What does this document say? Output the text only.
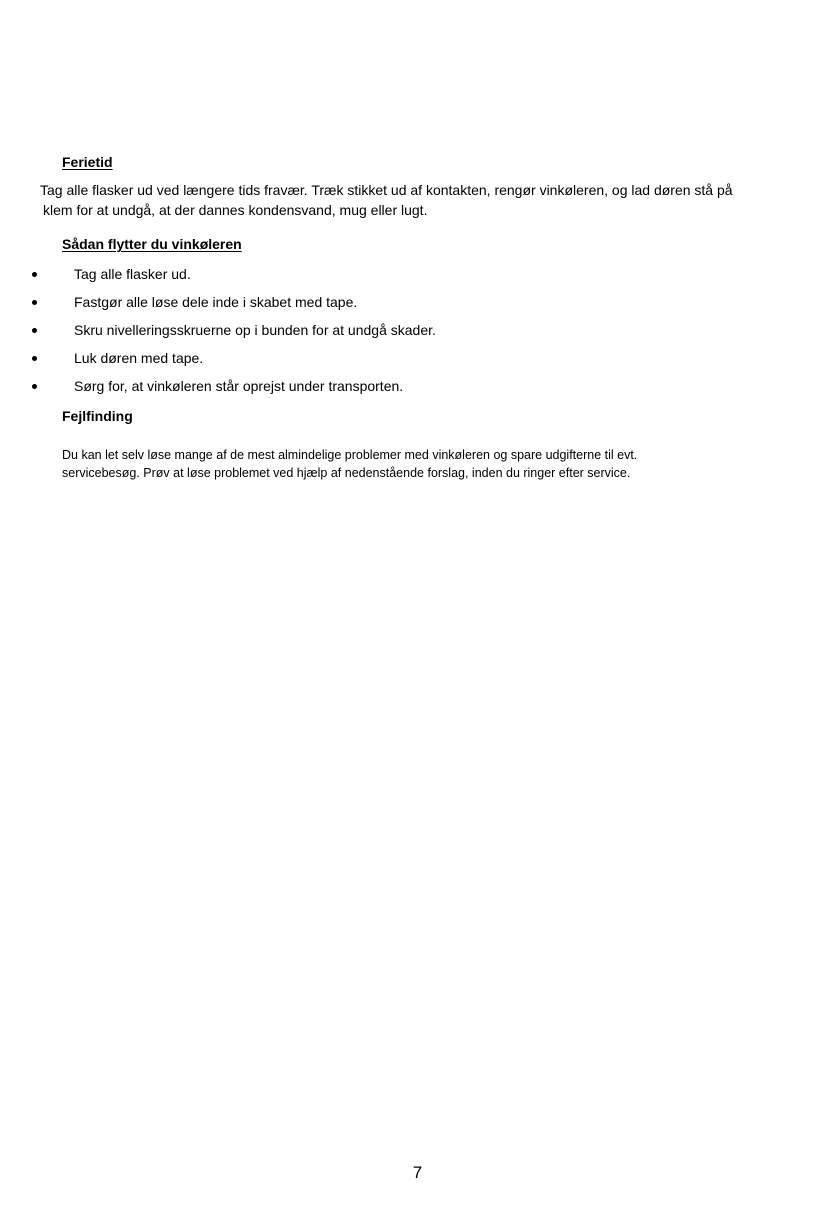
Ferietid
Tag alle flasker ud ved længere tids fravær. Træk stikket ud af kontakten, rengør vinkøleren, og lad døren stå på
klem for at undgå, at der dannes kondensvand, mug eller lugt.
Sådan flytter du vinkøleren
Tag alle flasker ud.
Fastgør alle løse dele inde i skabet med tape.
Skru nivelleringsskruerne op i bunden for at undgå skader.
Luk døren med tape.
Sørg for, at vinkøleren står oprejst under transporten.
Fejlfinding
Du kan let selv løse mange af de mest almindelige problemer med vinkøleren og spare udgifterne til evt.
servicebesøg. Prøv at løse problemet ved hjælp af nedenstående forslag, inden du ringer efter service.
7
